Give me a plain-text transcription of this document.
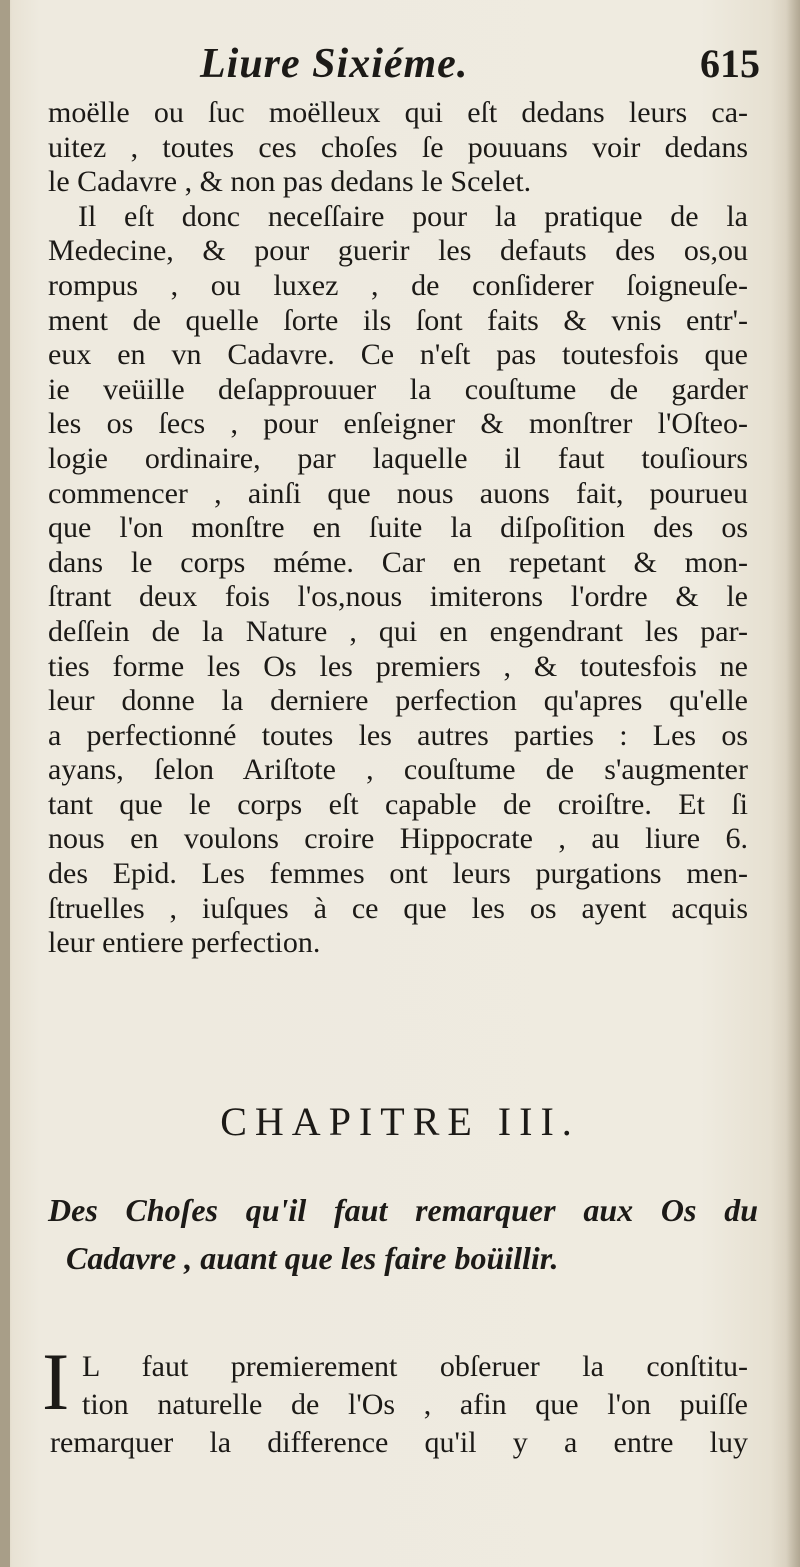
Liure Sixiéme.	615
moëlle ou ſuc moëlleux qui eſt dedans leurs ca-
uitez , toutes ces choſes ſe pouuans voir dedans
le Cadavre , & non pas dedans le Scelet.
Il eſt donc neceſſaire pour la pratique de la
Medecine, & pour guerir les defauts des os,ou
rompus , ou luxez , de conſiderer ſoigneuſe-
ment de quelle ſorte ils ſont faits & vnis entr'-
eux en vn Cadavre. Ce n'eſt pas toutesfois que
ie veüille deſapprouuer la couſtume de garder
les os ſecs , pour enſeigner & monſtrer l'Oſteo-
logie ordinaire, par laquelle il faut touſiours
commencer , ainſi que nous auons fait, pourueu
que l'on monſtre en ſuite la diſpoſition des os
dans le corps méme. Car en repetant & mon-
ſtrant deux fois l'os,nous imiterons l'ordre & le
deſſein de la Nature , qui en engendrant les par-
ties forme les Os les premiers , & toutesfois ne
leur donne la derniere perfection qu'apres qu'elle
a perfectionné toutes les autres parties : Les os
ayans, ſelon Ariſtote , couſtume de s'augmenter
tant que le corps eſt capable de croiſtre. Et ſi
nous en voulons croire Hippocrate , au liure 6.
des Epid. Les femmes ont leurs purgations men-
ſtruelles , iuſques à ce que les os ayent acquis
leur entiere perfection.
CHAPITRE III.
Des Choſes qu'il faut remarquer aux Os du
Cadavre , auant que les faire boüillir.
I L faut premierement obſeruer la conſtitu-
tion naturelle de l'Os , afin que l'on puiſſe
remarquer la difference qu'il y a entre luy
